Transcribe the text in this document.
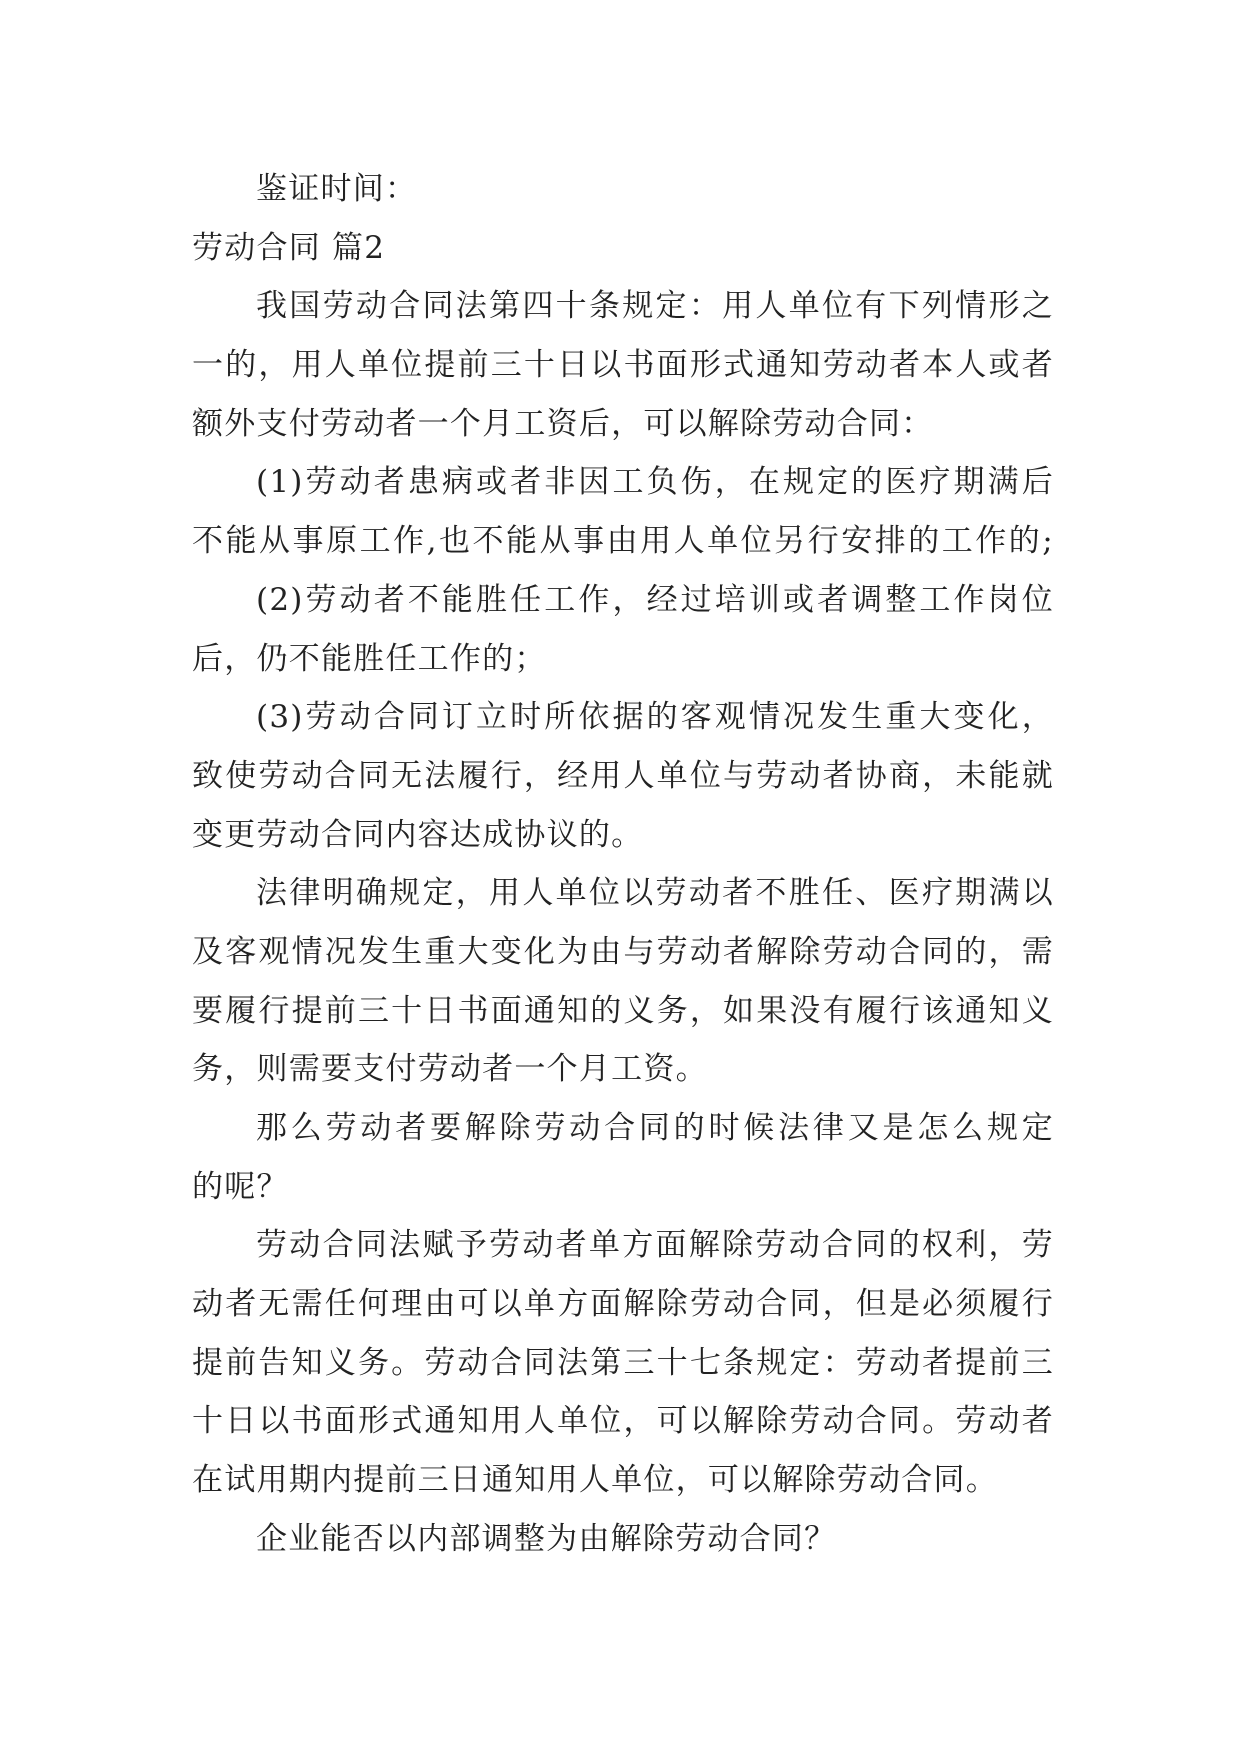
鉴证时间：
劳动合同 篇2
我国劳动合同法第四十条规定：用人单位有下列情形之
一的，用人单位提前三十日以书面形式通知劳动者本人或者
额外支付劳动者一个月工资后，可以解除劳动合同：
(1)劳动者患病或者非因工负伤，在规定的医疗期满后
不能从事原工作,也不能从事由用人单位另行安排的工作的;
(2)劳动者不能胜任工作，经过培训或者调整工作岗位
后，仍不能胜任工作的；
(3)劳动合同订立时所依据的客观情况发生重大变化，
致使劳动合同无法履行，经用人单位与劳动者协商，未能就
变更劳动合同内容达成协议的。
法律明确规定，用人单位以劳动者不胜任、医疗期满以
及客观情况发生重大变化为由与劳动者解除劳动合同的，需
要履行提前三十日书面通知的义务，如果没有履行该通知义
务，则需要支付劳动者一个月工资。
那么劳动者要解除劳动合同的时候法律又是怎么规定
的呢？
劳动合同法赋予劳动者单方面解除劳动合同的权利，劳
动者无需任何理由可以单方面解除劳动合同，但是必须履行
提前告知义务。劳动合同法第三十七条规定：劳动者提前三
十日以书面形式通知用人单位，可以解除劳动合同。劳动者
在试用期内提前三日通知用人单位，可以解除劳动合同。
企业能否以内部调整为由解除劳动合同？
